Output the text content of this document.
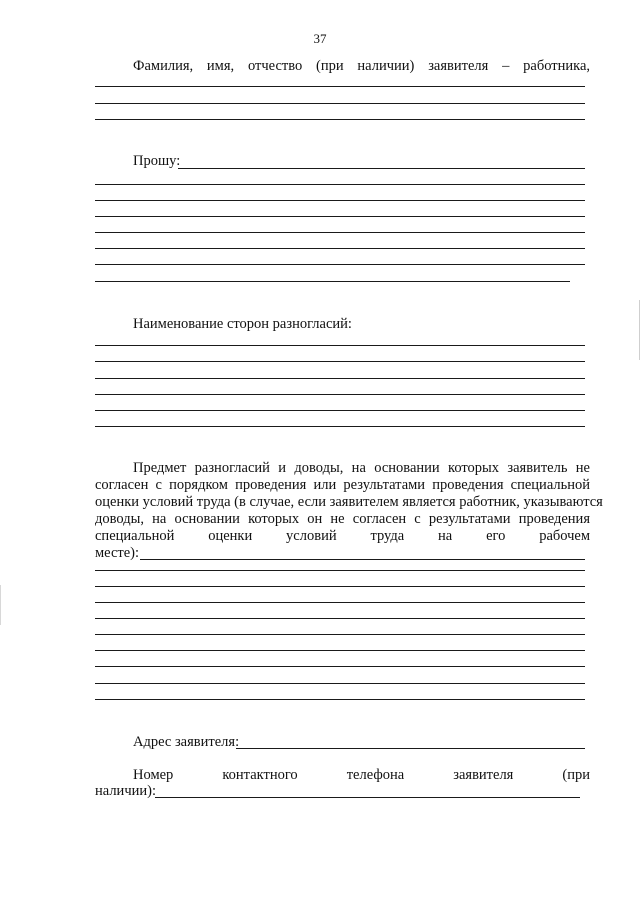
37
Фамилия, имя, отчество (при наличии) заявителя – работника,
Прошу:
Наименование сторон разногласий:
Предмет разногласий и доводы, на основании которых заявитель не
согласен с порядком проведения или результатами проведения специальной
оценки условий труда (в случае, если заявителем является работник, указываются
доводы, на основании которых он не согласен с результатами проведения
специальной оценки условий труда на его рабочем
месте):
Адрес заявителя:
Номер	контактного	телефона	заявителя	(при
наличии):
